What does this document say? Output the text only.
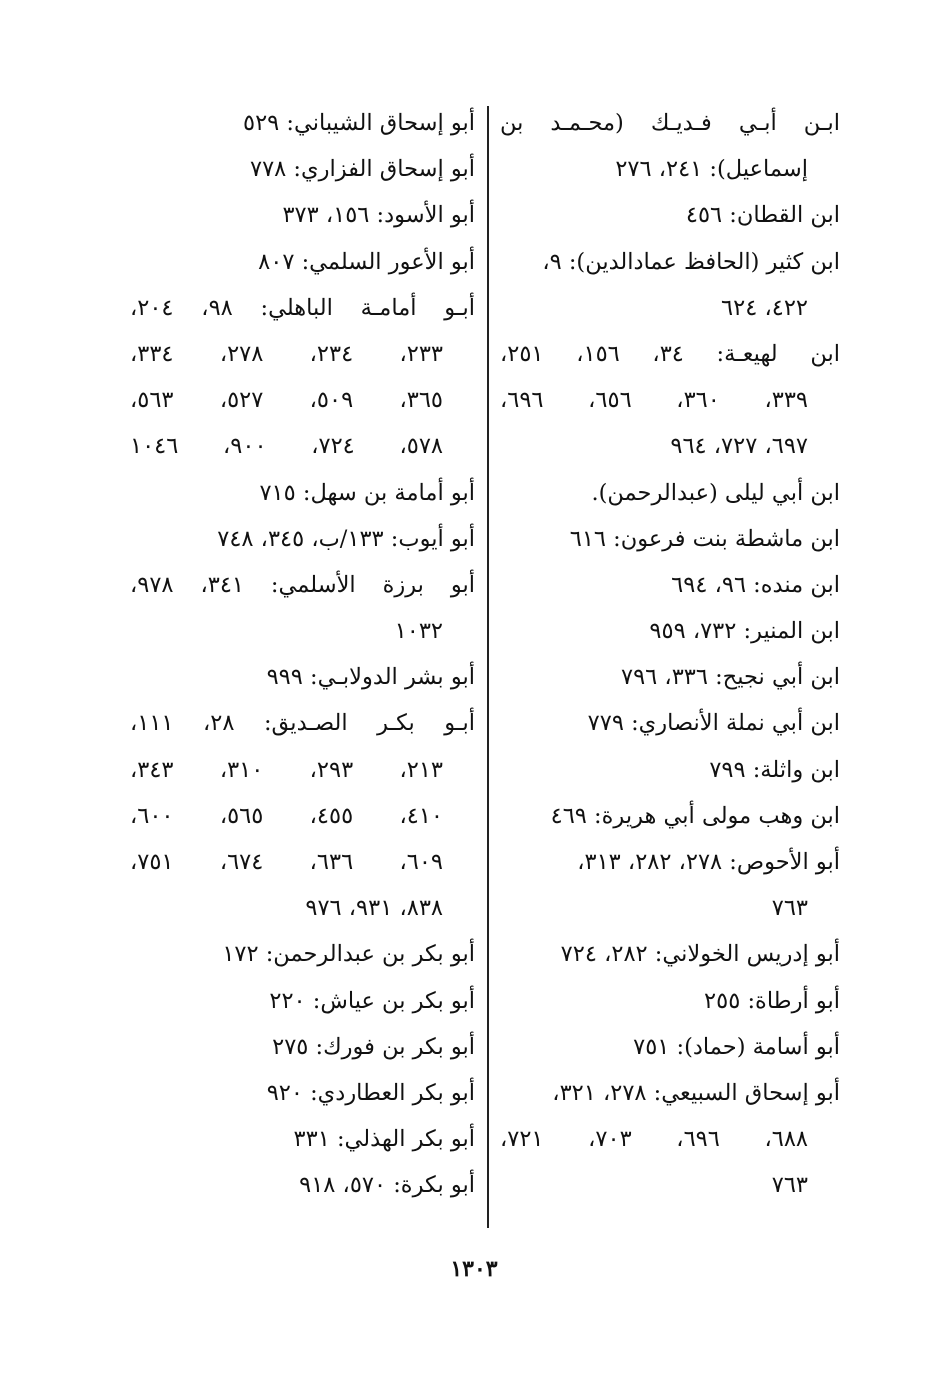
ابـن أبـي فـديـك (محـمـد بن
إسماعيل): ٢٤١، ٢٧٦
ابن القطان: ٤٥٦
ابن كثير (الحافظ عمادالدين): ٩،
٤٢٢، ٦٢٤
ابن لهيعـة: ٣٤، ١٥٦، ٢٥١،
٣٣٩، ٣٦٠، ٦٥٦، ٦٩٦،
٦٩٧، ٧٢٧، ٩٦٤
ابن أبي ليلى (عبدالرحمن).
ابن ماشطة بنت فرعون: ٦١٦
ابن منده: ٩٦، ٦٩٤
ابن المنير: ٧٣٢، ٩٥٩
ابن أبي نجيح: ٣٣٦، ٧٩٦
ابن أبي نملة الأنصاري: ٧٧٩
ابن واثلة: ٧٩٩
ابن وهب مولى أبي هريرة: ٤٦٩
أبو الأحوص: ٢٧٨، ٢٨٢، ٣١٣،
٧٦٣
أبو إدريس الخولاني: ٢٨٢، ٧٢٤
أبو أرطاة: ٢٥٥
أبو أسامة (حماد): ٧٥١
أبو إسحاق السبيعي: ٢٧٨، ٣٢١،
٦٨٨، ٦٩٦، ٧٠٣، ٧٢١،
٧٦٣
أبو إسحاق الشيباني: ٥٢٩
أبو إسحاق الفزاري: ٧٧٨
أبو الأسود: ١٥٦، ٣٧٣
أبو الأعور السلمي: ٨٠٧
أبـو أمامـة الباهلي: ٩٨، ٢٠٤،
٢٣٣، ٢٣٤، ٢٧٨، ٣٣٤،
٣٦٥، ٥٠٩، ٥٢٧، ٥٦٣،
٥٧٨، ٧٢٤، ٩٠٠، ١٠٤٦
أبو أمامة بن سهل: ٧١٥
أبو أيوب: ١٣٣/ب، ٣٤٥، ٧٤٨
أبو برزة الأسلمي: ٣٤١، ٩٧٨،
١٠٣٢
أبو بشر الدولابـي: ٩٩٩
أبـو بكـر الصـديق: ٢٨، ١١١،
٢١٣، ٢٩٣، ٣١٠، ٣٤٣،
٤١٠، ٤٥٥، ٥٦٥، ٦٠٠،
٦٠٩، ٦٣٦، ٦٧٤، ٧٥١،
٨٣٨، ٩٣١، ٩٧٦
أبو بكر بن عبدالرحمن: ١٧٢
أبو بكر بن عياش: ٢٢٠
أبو بكر بن فورك: ٢٧٥
أبو بكر العطاردي: ٩٢٠
أبو بكر الهذلي: ٣٣١
أبو بكرة: ٥٧٠، ٩١٨
١٣٠٣
